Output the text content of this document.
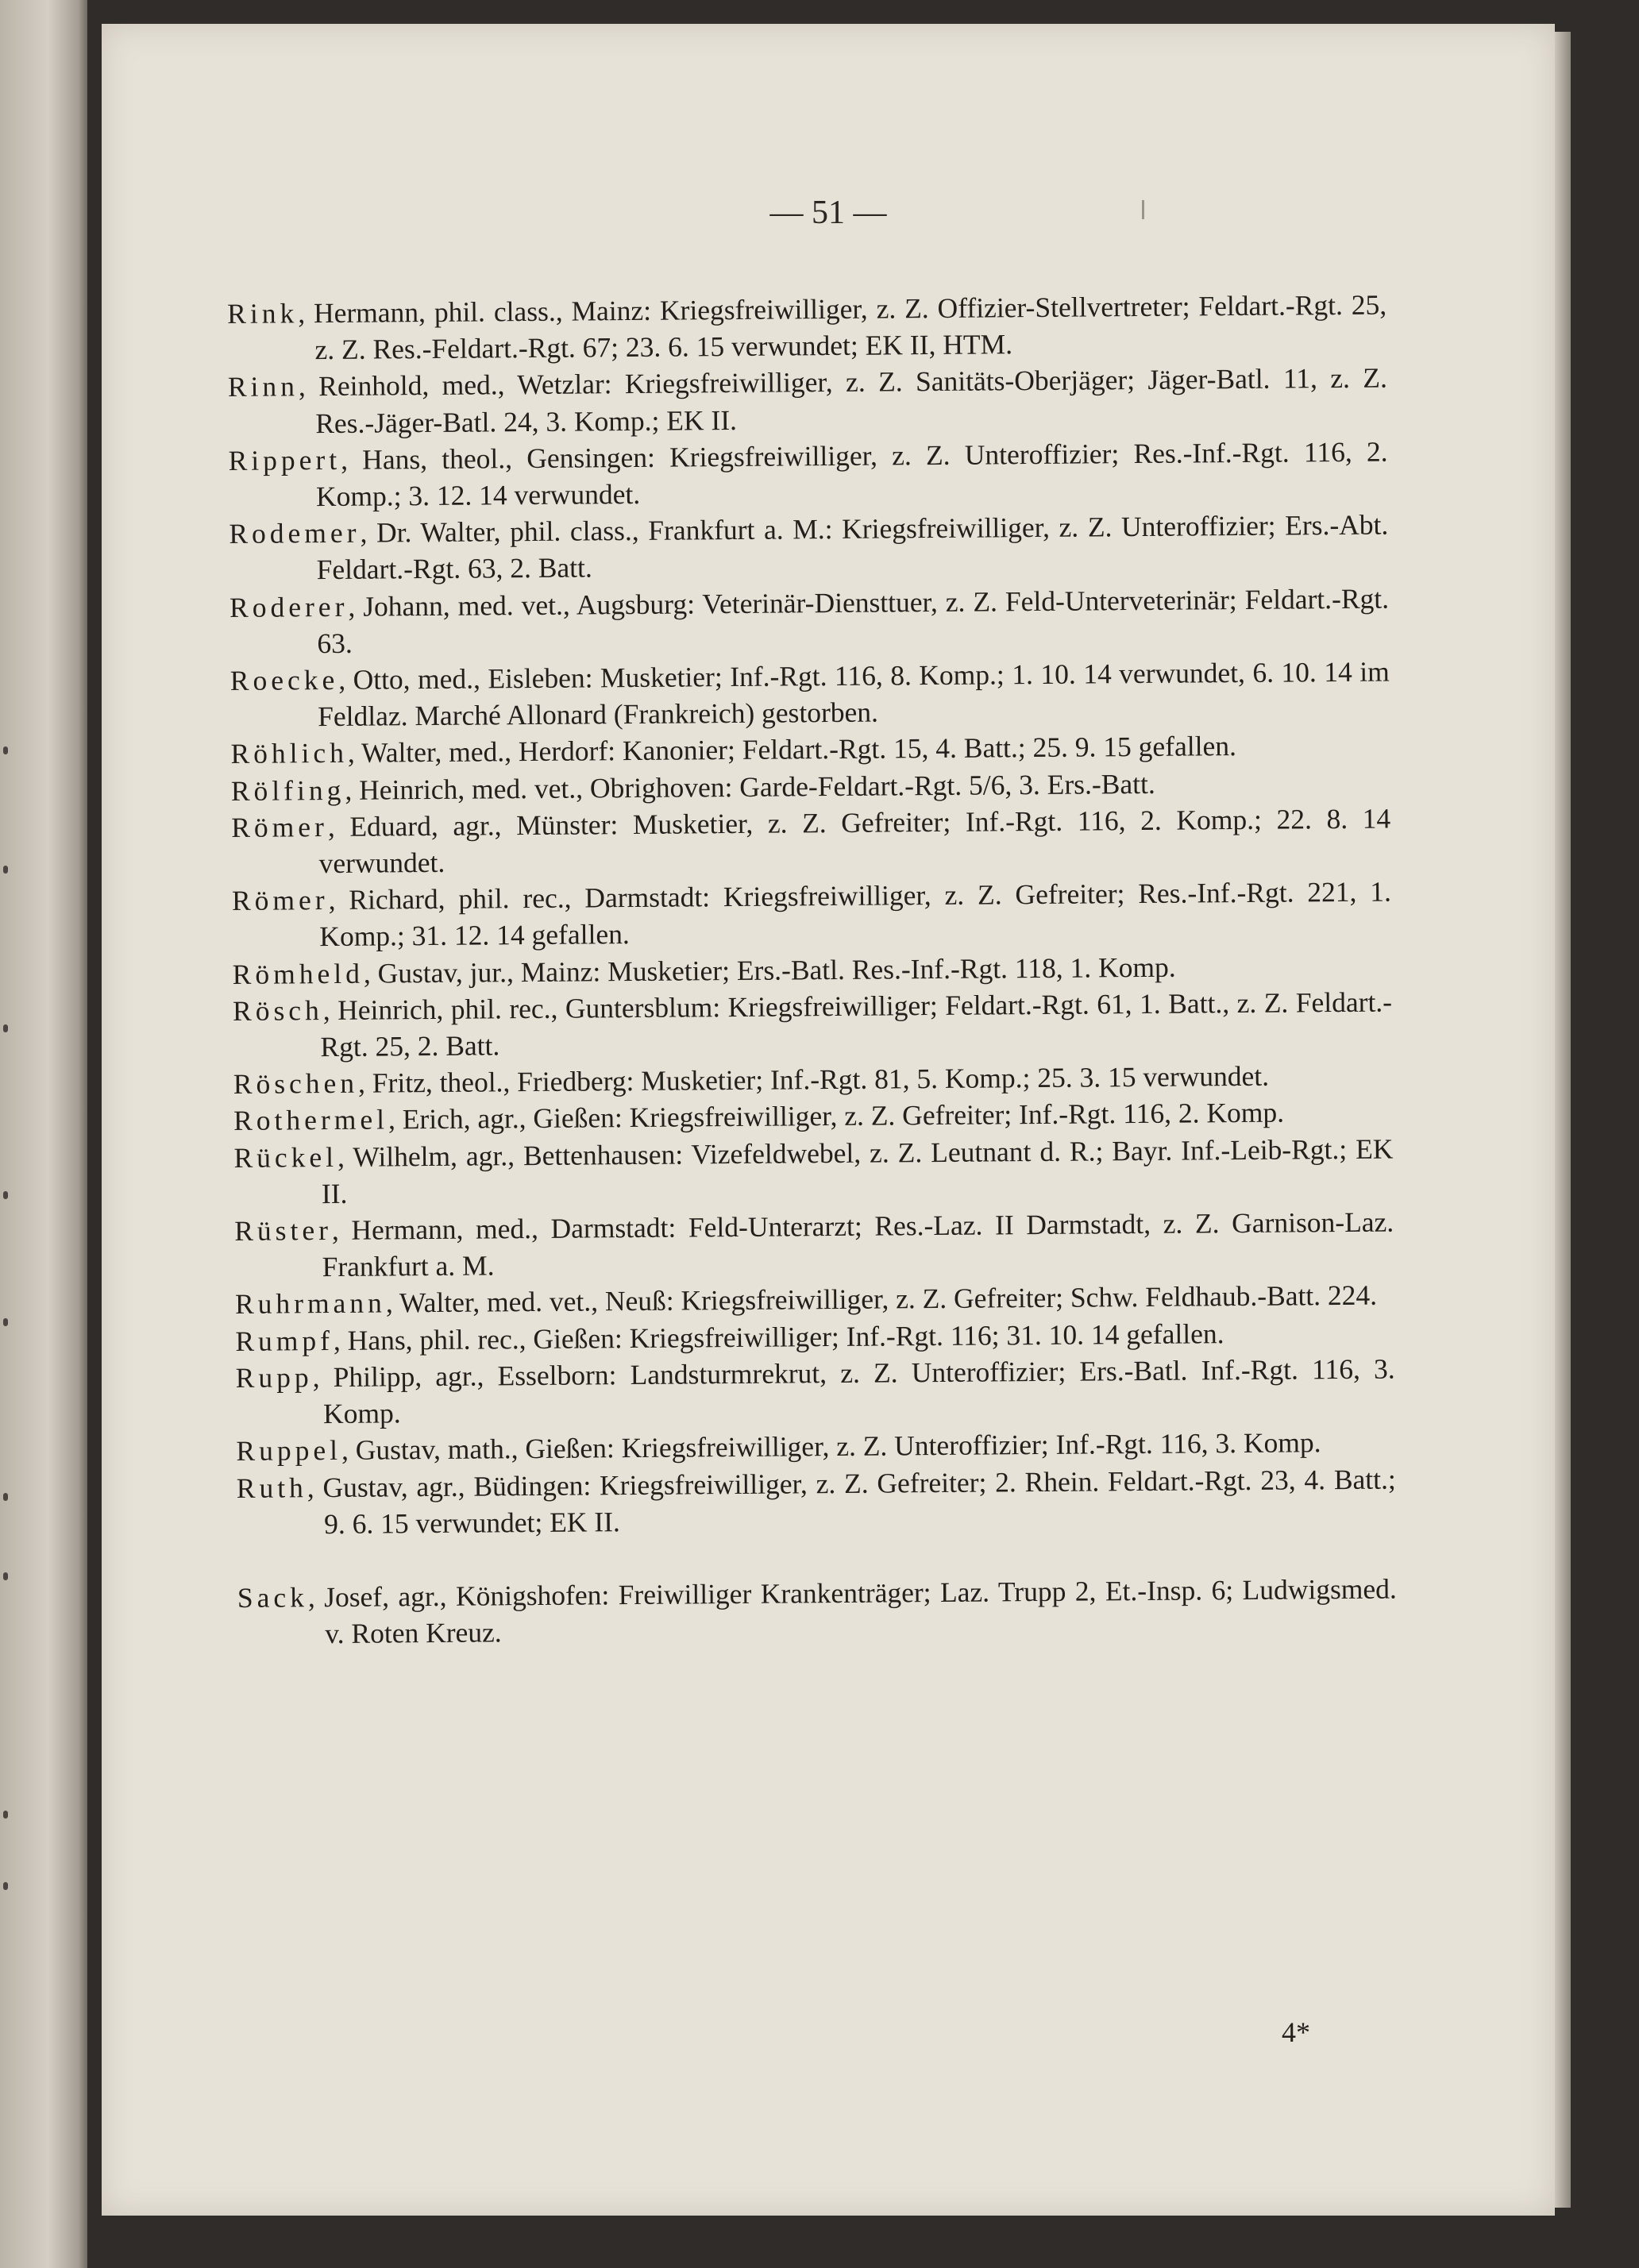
— 51 —

Rink, Hermann, phil. class., Mainz: Kriegsfreiwilliger, z. Z. Offizier-Stellvertreter; Feldart.-Rgt. 25, z. Z. Res.-Feldart.-Rgt. 67; 23. 6. 15 verwundet; EK II, HTM.

Rinn, Reinhold, med., Wetzlar: Kriegsfreiwilliger, z. Z. Sanitäts-Oberjäger; Jäger-Batl. 11, z. Z. Res.-Jäger-Batl. 24, 3. Komp.; EK II.

Rippert, Hans, theol., Gensingen: Kriegsfreiwilliger, z. Z. Unteroffizier; Res.-Inf.-Rgt. 116, 2. Komp.; 3. 12. 14 verwundet.

Rodemer, Dr. Walter, phil. class., Frankfurt a. M.: Kriegsfreiwilliger, z. Z. Unteroffizier; Ers.-Abt. Feldart.-Rgt. 63, 2. Batt.

Roderer, Johann, med. vet., Augsburg: Veterinär-Diensttuer, z. Z. Feld-Unterveterinär; Feldart.-Rgt. 63.

Roecke, Otto, med., Eisleben: Musketier; Inf.-Rgt. 116, 8. Komp.; 1. 10. 14 verwundet, 6. 10. 14 im Feldlaz. Marché Allonard (Frankreich) gestorben.

Röhlich, Walter, med., Herdorf: Kanonier; Feldart.-Rgt. 15, 4. Batt.; 25. 9. 15 gefallen.

Rölfing, Heinrich, med. vet., Obrighoven: Garde-Feldart.-Rgt. 5/6, 3. Ers.-Batt.

Römer, Eduard, agr., Münster: Musketier, z. Z. Gefreiter; Inf.-Rgt. 116, 2. Komp.; 22. 8. 14 verwundet.

Römer, Richard, phil. rec., Darmstadt: Kriegsfreiwilliger, z. Z. Gefreiter; Res.-Inf.-Rgt. 221, 1. Komp.; 31. 12. 14 gefallen.

Römheld, Gustav, jur., Mainz: Musketier; Ers.-Batl. Res.-Inf.-Rgt. 118, 1. Komp.

Rösch, Heinrich, phil. rec., Guntersblum: Kriegsfreiwilliger; Feldart.-Rgt. 61, 1. Batt., z. Z. Feldart.-Rgt. 25, 2. Batt.

Röschen, Fritz, theol., Friedberg: Musketier; Inf.-Rgt. 81, 5. Komp.; 25. 3. 15 verwundet.

Rothermel, Erich, agr., Gießen: Kriegsfreiwilliger, z. Z. Gefreiter; Inf.-Rgt. 116, 2. Komp.

Rückel, Wilhelm, agr., Bettenhausen: Vizefeldwebel, z. Z. Leutnant d. R.; Bayr. Inf.-Leib-Rgt.; EK II.

Rüster, Hermann, med., Darmstadt: Feld-Unterarzt; Res.-Laz. II Darmstadt, z. Z. Garnison-Laz. Frankfurt a. M.

Ruhrmann, Walter, med. vet., Neuß: Kriegsfreiwilliger, z. Z. Gefreiter; Schw. Feldhaub.-Batt. 224.

Rumpf, Hans, phil. rec., Gießen: Kriegsfreiwilliger; Inf.-Rgt. 116; 31. 10. 14 gefallen.

Rupp, Philipp, agr., Esselborn: Landsturmrekrut, z. Z. Unteroffizier; Ers.-Batl. Inf.-Rgt. 116, 3. Komp.

Ruppel, Gustav, math., Gießen: Kriegsfreiwilliger, z. Z. Unteroffizier; Inf.-Rgt. 116, 3. Komp.

Ruth, Gustav, agr., Büdingen: Kriegsfreiwilliger, z. Z. Gefreiter; 2. Rhein. Feldart.-Rgt. 23, 4. Batt.; 9. 6. 15 verwundet; EK II.

Sack, Josef, agr., Königshofen: Freiwilliger Krankenträger; Laz. Trupp 2, Et.-Insp. 6; Ludwigsmed. v. Roten Kreuz.

4*
